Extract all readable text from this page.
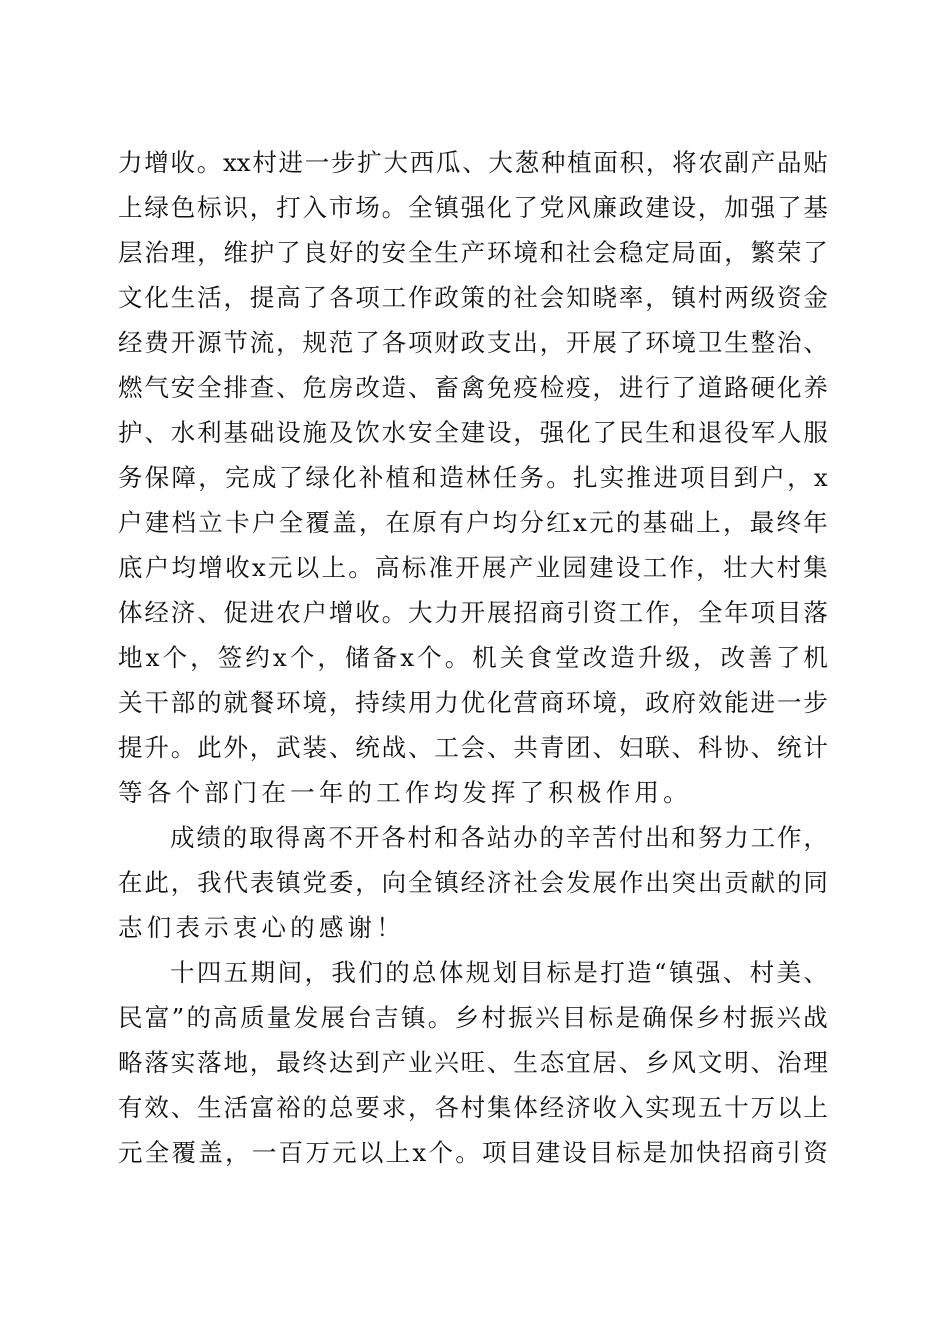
力 增 收 。 xx 村 进 一 步 扩 大 西 瓜 、 大 葱 种 植 面 积 ， 将 农 副 产 品 贴
上 绿 色 标 识 ， 打 入 市 场 。 全 镇 强 化 了 党 风 廉 政 建 设 ， 加 强 了 基
层 治 理 ， 维 护 了 良 好 的 安 全 生 产 环 境 和 社 会 稳 定 局 面 ， 繁 荣 了
文 化 生 活 ， 提 高 了 各 项 工 作 政 策 的 社 会 知 晓 率 ， 镇 村 两 级 资 金
经 费 开 源 节 流 ， 规 范 了 各 项 财 政 支 出 ， 开 展 了 环 境 卫 生 整 治 、
燃 气 安 全 排 查 、 危 房 改 造 、 畜 禽 免 疫 检 疫 ， 进 行 了 道 路 硬 化 养
护 、 水 利 基 础 设 施 及 饮 水 安 全 建 设 ， 强 化 了 民 生 和 退 役 军 人 服
务 保 障 ， 完 成 了 绿 化 补 植 和 造 林 任 务 。 扎 实 推 进 项 目 到 户 ， x
户 建 档 立 卡 户 全 覆 盖 ， 在 原 有 户 均 分 红 x 元 的 基 础 上 ， 最 终 年
底 户 均 增 收 x 元 以 上 。 高 标 准 开 展 产 业 园 建 设 工 作 ， 壮 大 村 集
体 经 济 、 促 进 农 户 增 收 。 大 力 开 展 招 商 引 资 工 作 ， 全 年 项 目 落
地 x 个 ， 签 约 x 个 ， 储 备 x 个 。 机 关 食 堂 改 造 升 级 ， 改 善 了 机
关 干 部 的 就 餐 环 境 ， 持 续 用 力 优 化 营 商 环 境 ， 政 府 效 能 进 一 步
提 升 。 此 外 ， 武 装 、 统 战 、 工 会 、 共 青 团 、 妇 联 、 科 协 、 统 计
等 各 个 部 门 在 一 年 的 工 作 均 发 挥 了 积 极 作 用 。
成 绩 的 取 得 离 不 开 各 村 和 各 站 办 的 辛 苦 付 出 和 努 力 工 作 ，
在 此 ， 我 代 表 镇 党 委 ， 向 全 镇 经 济 社 会 发 展 作 出 突 出 贡 献 的 同
志 们 表 示 衷 心 的 感 谢 ！
十 四 五 期 间 ， 我 们 的 总 体 规 划 目 标 是 打 造 “ 镇 强 、 村 美 、
民 富 ” 的 高 质 量 发 展 台 吉 镇 。 乡 村 振 兴 目 标 是 确 保 乡 村 振 兴 战
略 落 实 落 地 ， 最 终 达 到 产 业 兴 旺 、 生 态 宜 居 、 乡 风 文 明 、 治 理
有 效 、 生 活 富 裕 的 总 要 求 ， 各 村 集 体 经 济 收 入 实 现 五 十 万 以 上
元 全 覆 盖 ， 一 百 万 元 以 上 x 个 。 项 目 建 设 目 标 是 加 快 招 商 引 资
